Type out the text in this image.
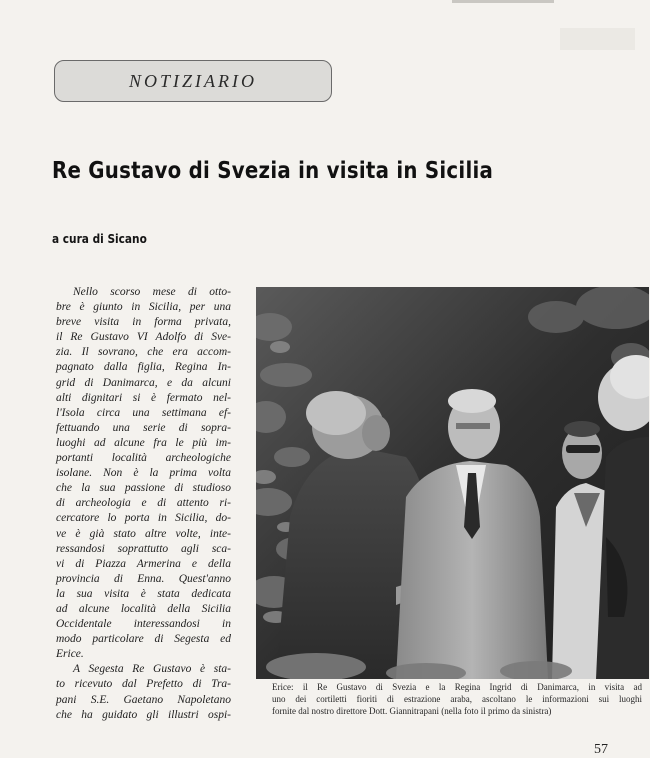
NOTIZIARIO
Re Gustavo di Svezia in visita in Sicilia
a cura di Sicano
Nello scorso mese di otto-
bre è giunto in Sicilia, per una
breve visita in forma privata,
il Re Gustavo VI Adolfo di Sve-
zia. Il sovrano, che era accom-
pagnato dalla figlia, Regina In-
grid di Danimarca, e da alcuni
alti dignitari si è fermato nel-
l'Isola circa una settimana ef-
fettuando una serie di sopra-
luoghi ad alcune fra le più im-
portanti località archeologiche
isolane. Non è la prima volta
che la sua passione di studioso
di archeologia e di attento ri-
cercatore lo porta in Sicilia, do-
ve è già stato altre volte, inte-
ressandosi soprattutto agli sca-
vi di Piazza Armerina e della
provincia di Enna. Quest'anno
la sua visita è stata dedicata
ad alcune località della Sicilia
Occidentale interessandosi in
modo particolare di Segesta ed
Erice.
A Segesta Re Gustavo è sta-
to ricevuto dal Prefetto di Tra-
pani S.E. Gaetano Napoletano
che ha guidato gli illustri ospi-
Erice: il Re Gustavo di Svezia e la Regina Ingrid di Danimarca, in visita ad
uno dei cortiletti fioriti di estrazione araba, ascoltano le informazioni sui luoghi
fornite dal nostro direttore Dott. Giannitrapani (nella foto il primo da sinistra)
57
